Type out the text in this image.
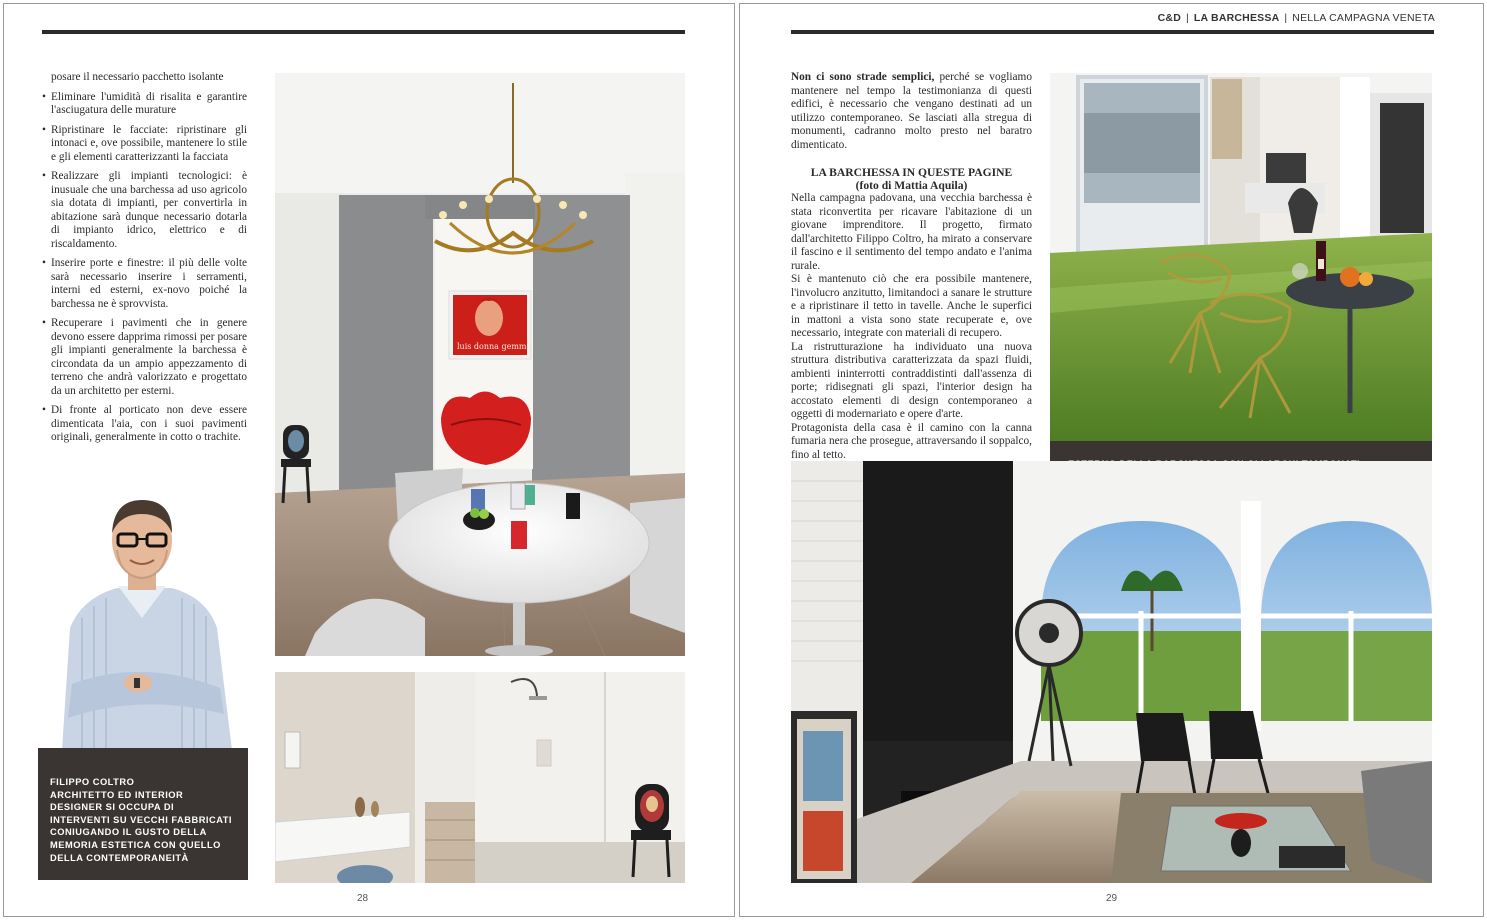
posare il necessario pacchetto isolante

• Eliminare l'umidità di risalita e garantire l'asciugatura delle murature
• Ripristinare le facciate: ripristinare gli intonaci e, ove possibile, mantenere lo stile e gli elementi caratterizzanti la facciata
• Realizzare gli impianti tecnologici: è inusuale che una barchessa ad uso agricolo sia dotata di impianti, per convertirla in abitazione sarà dunque necessario dotarla di impianto idrico, elettrico e di riscaldamento.
• Inserire porte e finestre: il più delle volte sarà necessario inserire i serramenti, interni ed esterni, ex-novo poiché la barchessa ne è sprovvista.
• Recuperare i pavimenti che in genere devono essere dapprima rimossi per posare gli impianti generalmente la barchessa è circondata da un ampio appezzamento di terreno che andrà valorizzato e progettato da un architetto per esterni.
• Di fronte al porticato non deve essere dimenticata l'aia, con i suoi pavimenti originali, generalmente in cotto o trachite.
FILIPPO COLTRO
ARCHITETTO ED INTERIOR DESIGNER SI OCCUPA DI INTERVENTI SU VECCHI FABBRICATI CONIUGANDO IL GUSTO DELLA MEMORIA ESTETICA CON QUELLO DELLA CONTEMPORANEITÀ
luis donna gemmo
28
C&D | LA BARCHESSA | NELLA CAMPAGNA VENETA

Non ci sono strade semplici, perché se vogliamo mantenere nel tempo la testimonianza di questi edifici, è necessario che vengano destinati ad un utilizzo contemporaneo. Se lasciati alla stregua di monumenti, cadranno molto presto nel baratro dimenticato.

LA BARCHESSA IN QUESTE PAGINE
(foto di Mattia Aquila)

Nella campagna padovana, una vecchia barchessa è stata riconvertita per ricavare l'abitazione di un giovane imprenditore. Il progetto, firmato dall'architetto Filippo Coltro, ha mirato a conservare il fascino e il sentimento del tempo andato e l'anima rurale.

Si è mantenuto ciò che era possibile mantenere, l'involucro anzitutto, limitandoci a sanare le strutture e a ripristinare il tetto in tavelle. Anche le superfici in mattoni a vista sono state recuperate e, ove necessario, integrate con materiali di recupero.

La ristrutturazione ha individuato una nuova struttura distributiva caratterizzata da spazi fluidi, ambienti ininterrotti contraddistinti dall'assenza di porte; ridisegnati gli spazi, l'interior design ha accostato elementi di design contemporaneo a oggetti di modernariato e opere d'arte.

Protagonista della casa è il camino con la canna fumaria nera che prosegue, attraversando il soppalco, fino al tetto.

29
